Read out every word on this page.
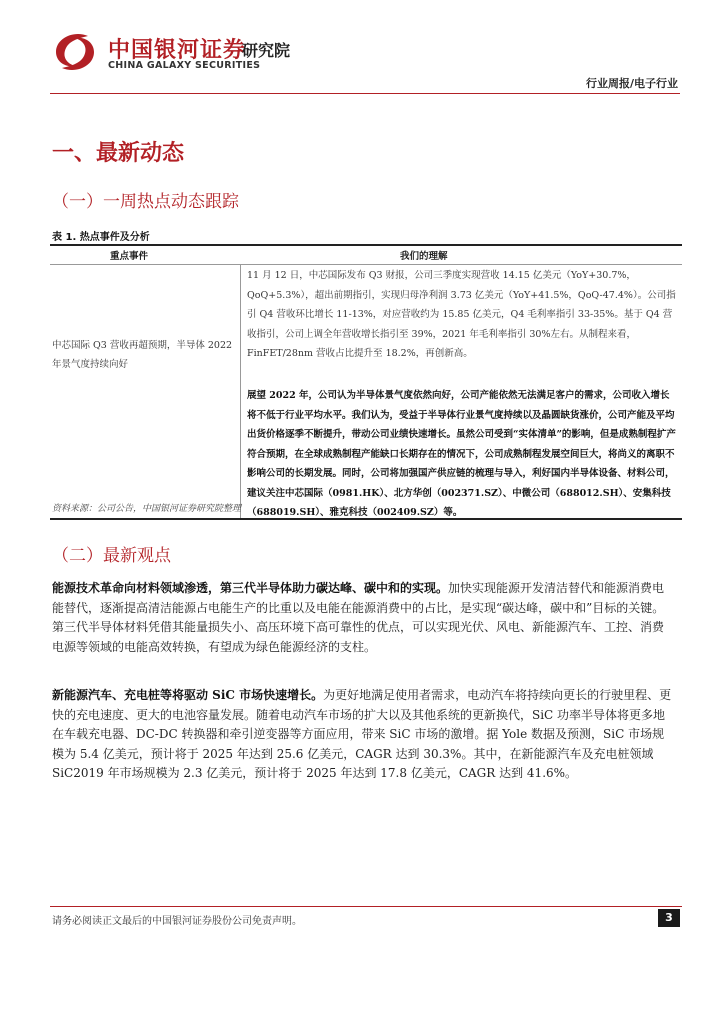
中国银河证券
CHINA GALAXY SECURITIES
研究院
行业周报/电子行业
一、最新动态
（一）一周热点动态跟踪
表 1. 热点事件及分析
重点事件	我们的理解
中芯国际 Q3 营收再超预期，半导体 2022 年景气度持续向好
11 月 12 日，中芯国际发布 Q3 财报，公司三季度实现营收 14.15 亿美元（YoY+30.7%，QoQ+5.3%），超出前期指引，实现归母净利润 3.73 亿美元（YoY+41.5%，QoQ-47.4%）。公司指引 Q4 营收环比增长 11-13%，对应营收约为 15.85 亿美元，Q4 毛利率指引 33-35%。基于 Q4 营收指引，公司上调全年营收增长指引至 39%，2021 年毛利率指引 30%左右。从制程来看，FinFET/28nm 营收占比提升至 18.2%，再创新高。
展望 2022 年，公司认为半导体景气度依然向好，公司产能依然无法满足客户的需求，公司收入增长将不低于行业平均水平。我们认为，受益于半导体行业景气度持续以及晶圆缺货涨价，公司产能及平均出货价格逐季不断提升，带动公司业绩快速增长。虽然公司受到“实体清单”的影响，但是成熟制程扩产符合预期，在全球成熟制程产能缺口长期存在的情况下，公司成熟制程发展空间巨大，将尚义的离职不影响公司的长期发展。同时，公司将加强国产供应链的梳理与导入，利好国内半导体设备、材料公司，建议关注中芯国际（0981.HK）、北方华创（002371.SZ）、中微公司（688012.SH）、安集科技（688019.SH）、雅克科技（002409.SZ）等。
资料来源：公司公告，中国银河证券研究院整理
（二）最新观点
能源技术革命向材料领域渗透，第三代半导体助力碳达峰、碳中和的实现。加快实现能源开发清洁替代和能源消费电能替代，逐渐提高清洁能源占电能生产的比重以及电能在能源消费中的占比，是实现“碳达峰，碳中和”目标的关键。第三代半导体材料凭借其能量损失小、高压环境下高可靠性的优点，可以实现光伏、风电、新能源汽车、工控、消费电源等领域的电能高效转换，有望成为绿色能源经济的支柱。
新能源汽车、充电桩等将驱动 SiC 市场快速增长。为更好地满足使用者需求，电动汽车将持续向更长的行驶里程、更快的充电速度、更大的电池容量发展。随着电动汽车市场的扩大以及其他系统的更新换代，SiC 功率半导体将更多地在车载充电器、DC-DC 转换器和牵引逆变器等方面应用，带来 SiC 市场的激增。据 Yole 数据及预测，SiC 市场规模为 5.4 亿美元，预计将于 2025 年达到 25.6 亿美元，CAGR 达到 30.3%。其中，在新能源汽车及充电桩领域 SiC2019 年市场规模为 2.3 亿美元，预计将于 2025 年达到 17.8 亿美元，CAGR 达到 41.6%。
请务必阅读正文最后的中国银河证券股份公司免责声明。	3
